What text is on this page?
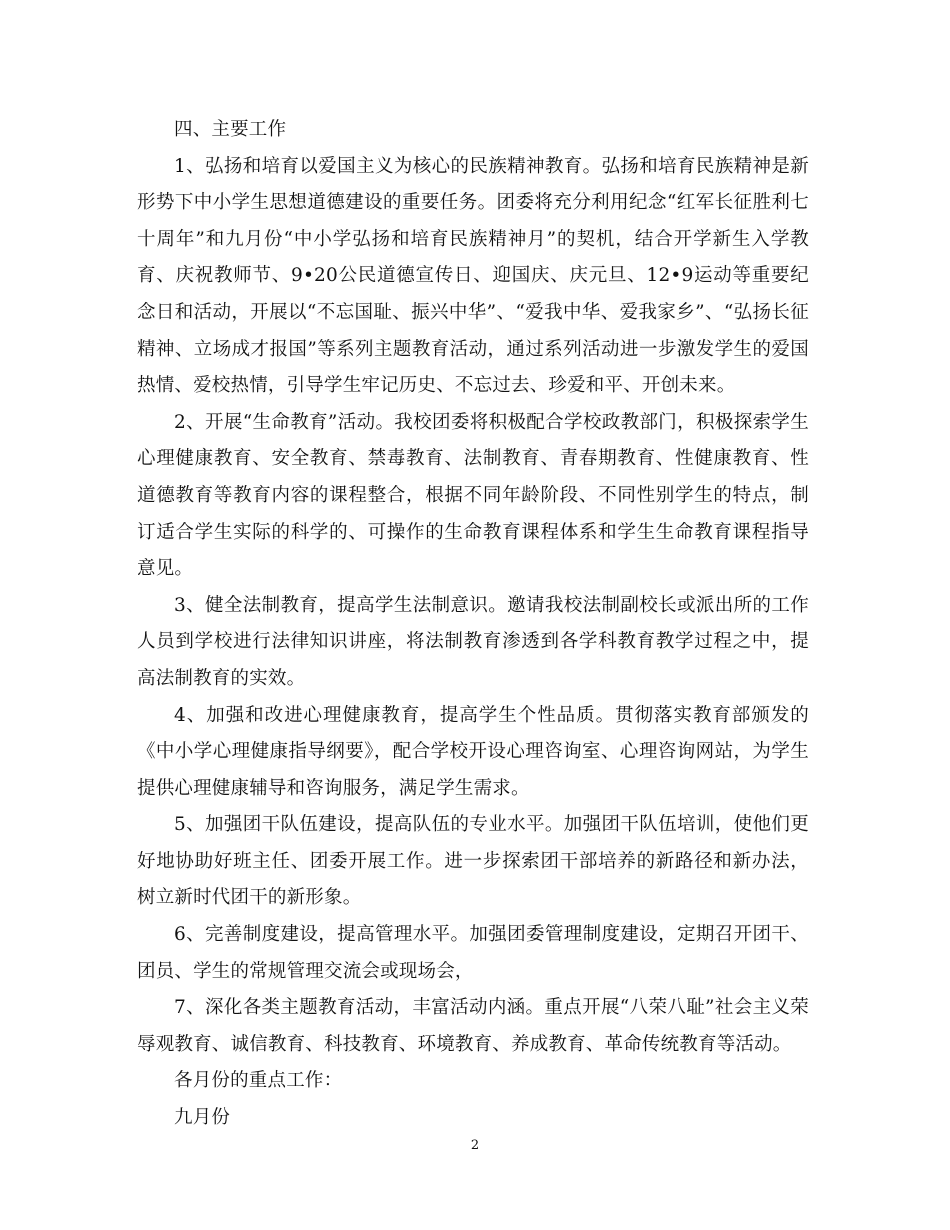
四、主要工作

1、弘扬和培育以爱国主义为核心的民族精神教育。弘扬和培育民族精神是新形势下中小学生思想道德建设的重要任务。团委将充分利用纪念“红军长征胜利七十周年”和九月份“中小学弘扬和培育民族精神月”的契机，结合开学新生入学教育、庆祝教师节、9•20公民道德宣传日、迎国庆、庆元旦、12•9运动等重要纪念日和活动，开展以“不忘国耻、振兴中华”、“爱我中华、爱我家乡”、“弘扬长征精神、立场成才报国”等系列主题教育活动，通过系列活动进一步激发学生的爱国热情、爱校热情，引导学生牢记历史、不忘过去、珍爱和平、开创未来。

2、开展“生命教育”活动。我校团委将积极配合学校政教部门，积极探索学生心理健康教育、安全教育、禁毒教育、法制教育、青春期教育、性健康教育、性道德教育等教育内容的课程整合，根据不同年龄阶段、不同性别学生的特点，制订适合学生实际的科学的、可操作的生命教育课程体系和学生生命教育课程指导意见。

3、健全法制教育，提高学生法制意识。邀请我校法制副校长或派出所的工作人员到学校进行法律知识讲座，将法制教育渗透到各学科教育教学过程之中，提高法制教育的实效。

4、加强和改进心理健康教育，提高学生个性品质。贯彻落实教育部颁发的《中小学心理健康指导纲要》，配合学校开设心理咨询室、心理咨询网站，为学生提供心理健康辅导和咨询服务，满足学生需求。

5、加强团干队伍建设，提高队伍的专业水平。加强团干队伍培训，使他们更好地协助好班主任、团委开展工作。进一步探索团干部培养的新路径和新办法，树立新时代团干的新形象。

6、完善制度建设，提高管理水平。加强团委管理制度建设，定期召开团干、团员、学生的常规管理交流会或现场会，

7、深化各类主题教育活动，丰富活动内涵。重点开展“八荣八耻”社会主义荣辱观教育、诚信教育、科技教育、环境教育、养成教育、革命传统教育等活动。

各月份的重点工作：

九月份

2
